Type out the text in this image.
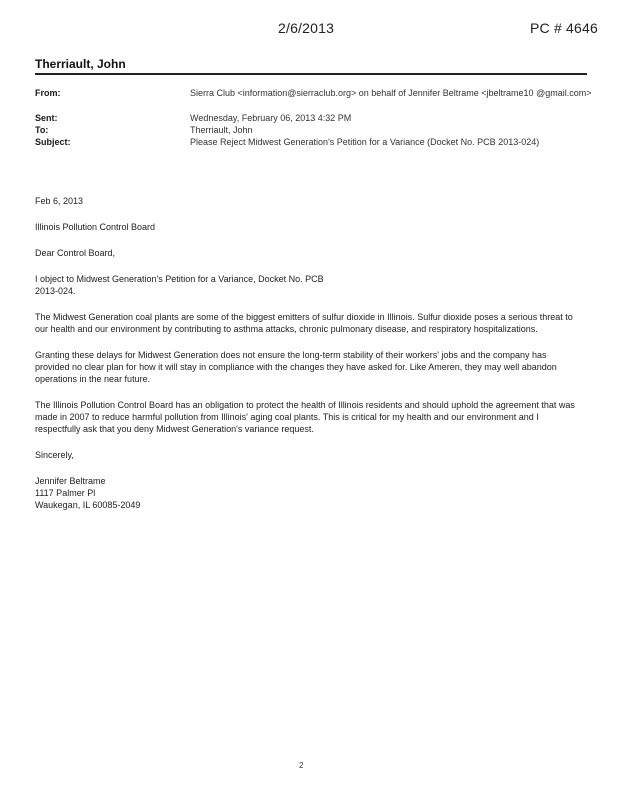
2/6/2013	PC # 4646
Therriault, John
From:	Sierra Club <information@sierraclub.org> on behalf of Jennifer Beltrame <jbeltrame10 @gmail.com>
Sent:	Wednesday, February 06, 2013 4:32 PM
To:	Therriault, John
Subject:	Please Reject Midwest Generation's Petition for a Variance (Docket No. PCB 2013-024)

Feb 6, 2013

Illinois Pollution Control Board

Dear Control Board,

I object to Midwest Generation's Petition for a Variance, Docket No. PCB 2013-024.

The Midwest Generation coal plants are some of the biggest emitters of sulfur dioxide in Illinois. Sulfur dioxide poses a serious threat to our health and our environment by contributing to asthma attacks, chronic pulmonary disease, and respiratory hospitalizations.

Granting these delays for Midwest Generation does not ensure the long-term stability of their workers' jobs and the company has provided no clear plan for how it will stay in compliance with the changes they have asked for. Like Ameren, they may well abandon operations in the near future.

The Illinois Pollution Control Board has an obligation to protect the health of Illinois residents and should uphold the agreement that was made in 2007 to reduce harmful pollution from Illinois' aging coal plants. This is critical for my health and our environment and I respectfully ask that you deny Midwest Generation's variance request.

Sincerely,

Jennifer Beltrame
1117 Palmer Pl
Waukegan, IL 60085-2049

2
